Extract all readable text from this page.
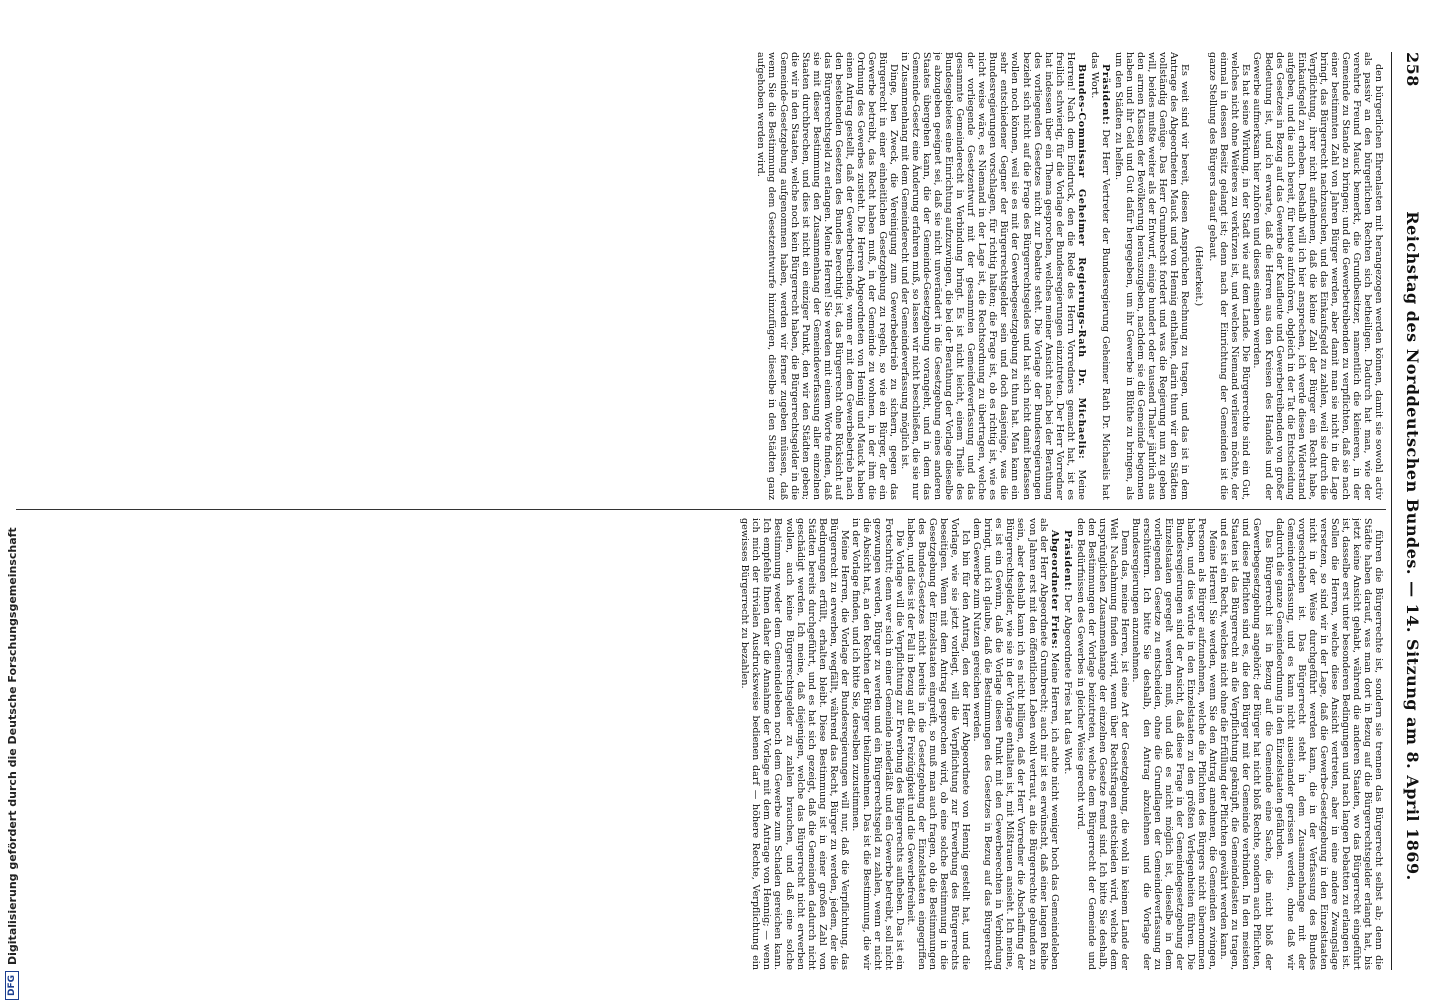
258
Reichstag des Norddeutschen Bundes. — 14. Sitzung am 8. April 1869.

den bürgerlichen Ehrenlasten mit herangezogen werden können, damit sie sowohl activ als passiv an den bürgerlichen Rechten sich betheiligen. Dadurch hat man, wie der verehrte Freund Mauck bemerkt, die Grundbesitzer, namentlich die kleineren, in der Gemeinde zu Stande zu bringen; und die Gewerbetreibenden zu verpflichten, daß sie nach einer bestimmten Zahl von Jahren Bürger werden, aber damit man sie nicht in die Lage bringt, das Bürgerrecht nachzusuchen, und das Einkaufsgeld zu zahlen, weil sie durch die Verpflichtung, ihrer nicht aufnehmen, daß die kleine Zahl der Bürger ein Recht habe, Einkaufsgeld zu erheben. Deshalb will ich hier ansprechen, ich werde diesen Widerstand aufgeben, und die auch bereit, für heute aufzuhören, obgleich in der Tat die Entscheidung des Gesetzes in Bezug auf das Gewerbe der Kaufleute und Gewerbetreibenden von großer Bedeutung ist, und ich erwarte, daß die Herren aus den Kreisen des Handels und der Gewerbe aufmerksam hier zuhören und dieses einsehen werden.

Es hat seine Wirkung, in der Stadt wie auf dem Lande. Die Bürgerrechte sind ein Gut, welches nicht ohne Weiteres zu verkürzen ist, und welches Niemand verlieren möchte, der einmal in dessen Besitz gelangt ist; denn nach der Einrichtung der Gemeinden ist die ganze Stellung des Bürgers darauf gebaut.

(Heiterkeit.)

Es weit sind wir bereit, diesen Ansprüchen Rechnung zu tragen, und das ist in dem Antrage des Abgeordneten Mauck und von Hennig enthalten, darin thun wir den Städten vollständig Genüge. Das Herr Grumbrecht fordert und was die Regierung nun zu geben will, beides mußte weiter als der Entwurf, einige hundert oder tausend Thaler jährlich aus den armen Klassen der Bevölkerung herauszugeben, nachdem sie die Gemeinde begonnen haben und ihr Geld und Gut dafür hergegeben, um ihr Gewerbe in Blüthe zu bringen, als um den Städten zu helfen.

Präsident: Der Herr Vertreter der Bundesregierung Geheimer Rath Dr. Michaelis hat das Wort.

Bundes-Commissar Geheimer Regierungs-Rath Dr. Michaelis: Meine Herren! Nach dem Eindruck, den die Rede des Herrn Vorredners gemacht hat, ist es freilich schwierig, für die Vorlage der Bundesregierungen einzutreten. Der Herr Vorredner hat indessen über ein Thema gesprochen, welches meiner Ansicht nach bei der Berathung des vorliegenden Gesetzes nicht zur Debatte steht. Die Vorlage der Bundesregierungen bezieht sich nicht auf die Frage des Bürgerrechtsgeldes und hat sich nicht damit befassen wollen noch können, weil sie es mit der Gewerbegesetzgebung zu thun hat. Man kann ein sehr entschiedener Gegner der Bürgerrechtsgelder sein und doch dasjenige, was die Bundesregierungen vorschlagen, für richtig halten; die Frage ist, ob es richtig ist, wie es nicht weise wäre, es Niemand in der Lage ist, die Rechtsordnung zu übertragen, welche der vorliegende Gesetzentwurf mit der gesammten Gemeindeverfassung und das gesammte Gemeinderecht in Verbindung bringt. Es ist nicht leicht, einem Theile des Bundesgebietes eine Einrichtung aufzuzwingen, die bei der Berathung der Vorlage dieselbe je abzugeben geeignet sei, daß sie nicht unverändert in die Gesetzgebung eines anderen Staates übergehen kann, die der Gemeinde-Gesetzgebung vorangeht, und in dem das Gemeinde-Gesetz eine Änderung erfahren muß, so lassen wir nicht beschließen, die sie nur in Zusammenhang mit dem Gemeinderecht und der Gemeindeverfassung möglich ist.

Dinge, ben Zweck, die Vereinigung zum Gewerbebetrieb zu sichern, gegen das Bürgerrecht in einer einheitlichen Gesetzgebung zu regeln, so wie ein Bürger, der ein Gewerbe betreibt, das Recht haben muß, in der Gemeinde zu wohnen, in der ihm die Ordnung des Gewerbes zusteht. Die Herren Abgeordneten von Hennig und Mauck haben einen Antrag gestellt, daß der Gewerbetreibende, wenn er mit dem Gewerbebetrieb nach den bestehenden Gesetzen des Bundes berechtigt ist, das Bürgerrecht ohne Rücksicht auf das Bürgerrechtsgeld zu erlangen. Meine Herren! Sie werden mit einem Worte finden, daß sie mit dieser Bestimmung den Zusammenhang der Gemeindeverfassung aller einzelnen Staaten durchbrechen, und dies ist nicht ein einziger Punkt, den wir den Städten geben; die wir in den Staaten, welche noch kein Bürgerrecht haben, die Bürgerrechtsgelder in die Gemeinde-Gesetzgebung aufgenommen haben, werden wir ferner zugeben müssen, daß wenn Sie die Bestimmung dem Gesetzentwurfe hinzufügen, dieselbe in den Städten ganz aufgehoben werden wird.

führen die Bürgerrechte ist, sondern sie trennen das Bürgerrecht selbst ab; denn die Städte haben darauf, was man dort in Bezug auf die Bürgerrechtsgelder erlangt hat, bis jetzt keine Ansicht gehabt, während die anderen Staaten, wo das Bürgerrecht eingeführt ist, dasselbe erst unter besonderen Bedingungen und nach langen Debatten zu erlangen ist. Sollen die Herren, welche diese Ansicht vertreten, aber in eine andere Zwangslage versetzen, so sind wir in der Lage, daß die Gewerbe-Gesetzgebung in den Einzelstaaten nicht in der Weise durchgeführt werden kann, die in der Verfassung des Bundes vorgeschrieben ist. Das Bürgerrecht steht in dem Zusammenhange mit der Gemeindeverfassung, und es kann nicht auseinander gerissen werden, ohne daß wir dadurch die ganze Gemeindeordnung in den Einzelstaaten gefährden.

Das Bürgerrecht ist in Bezug auf die Gemeinde eine Sache, die nicht bloß der Gewerbegesetzgebung angehört; der Bürger hat nicht bloß Rechte, sondern auch Pflichten, und diese Pflichten sind es, die den Bürger mit der Gemeinde verbinden. In den meisten Staaten ist das Bürgerrecht an die Verpflichtung geknüpft, die Gemeindelasten zu tragen, und es ist ein Recht, welches nicht ohne die Erfüllung der Pflichten gewährt werden kann.

Meine Herren! Sie werden, wenn Sie den Antrag annehmen, die Gemeinden zwingen, Personen als Bürger aufzunehmen, welche die Pflichten des Bürgers nicht übernommen haben, und dies würde in den Einzelstaaten zu den größten Verlegenheiten führen. Die Bundesregierungen sind der Ansicht, daß diese Frage in der Gemeindegesetzgebung der Einzelstaaten geregelt werden muß, und daß es nicht möglich ist, dieselbe in dem vorliegenden Gesetze zu entscheiden, ohne die Grundlagen der Gemeindeverfassung zu erschüttern. Ich bitte Sie deshalb, den Antrag abzulehnen und die Vorlage der Bundesregierungen anzunehmen.

Denn das, meine Herren, ist eine Art der Gesetzgebung, die wohl in keinem Lande der Welt Nachahmung finden wird, wenn über Rechtsfragen entschieden wird, welche dem ursprünglichen Zusammenhange der einzelnen Gesetze fremd sind. Ich bitte Sie deshalb, den Bestimmungen der Vorlage beizutreten, welche dem Bürgerrecht der Gemeinde und den Bedürfnissen des Gewerbes in gleicher Weise gerecht wird.

Präsident: Der Abgeordnete Fries hat das Wort.

Abgeordneter Fries: Meine Herren, ich achte nicht weniger hoch das Gemeindeleben als der Herr Abgeordnete Grumbrecht; auch mir ist es erwünscht, daß einer langen Reihe von Jahren erst mit den öffentlichen Leben wohl vertraut, an die Bürgerrechte gebunden zu sein, aber deshalb kann ich es nicht billigen, daß der Herr Vorredner die Abschaffung der Bürgerrechtsgelder, wie sie in der Vorlage enthalten ist, mit Mißtrauen ansieht. Ich meine, es ist ein Gewinn, daß die Vorlage diesen Punkt mit den Gewerberechten in Verbindung bringt, und ich glaube, daß die Bestimmungen des Gesetzes in Bezug auf das Bürgerrecht dem Gewerbe zum Nutzen gereichen werden.

Ich bin für den Antrag, den der Herr Abgeordnete von Hennig gestellt hat, und die Vorlage, wie sie jetzt vorliegt, will die Verpflichtung zur Erwerbung des Bürgerrechts beseitigen. Wenn mit dem Antrag gesprochen wird, ob eine solche Bestimmung in die Gesetzgebung der Einzelstaaten eingreift, so muß man auch fragen, ob die Bestimmungen des Bundes-Gesetzes nicht bereits in die Gesetzgebung der Einzelstaaten eingegriffen haben, und dies ist der Fall in Bezug auf die Freizügigkeit und die Gewerbefreiheit.

Die Vorlage will die Verpflichtung zur Erwerbung des Bürgerrechts aufheben. Das ist ein Fortschritt; denn wer sich in einer Gemeinde niederläßt und ein Gewerbe betreibt, soll nicht gezwungen werden, Bürger zu werden und ein Bürgerrechtsgeld zu zahlen, wenn er nicht die Absicht hat, an den Rechten der Bürger theilzunehmen. Das ist die Bestimmung, die wir in der Vorlage finden, und ich bitte Sie, derselben zuzustimmen.

Meine Herren, die Vorlage der Bundesregierungen will nur, daß die Verpflichtung, das Bürgerrecht zu erwerben, wegfällt, während das Recht, Bürger zu werden, jedem, der die Bedingungen erfüllt, erhalten bleibt. Diese Bestimmung ist in einer großen Zahl von Städten bereits durchgeführt, und es hat sich gezeigt, daß die Gemeinden dadurch nicht geschädigt werden. Ich meine, daß diejenigen, welche das Bürgerrecht nicht erwerben wollen, auch keine Bürgerrechtsgelder zu zahlen brauchen, und daß eine solche Bestimmung weder dem Gemeindeleben noch dem Gewerbe zum Schaden gereichen kann. Ich empfehle Ihnen daher die Annahme der Vorlage mit dem Antrage von Hennig; — wenn ich mich der trivialen Ausdrucksweise bedienen darf — höhere Rechte, Verpflichtung ein gewisses Bürgerrecht zu bezahlen.

DFG
Digitalisierung gefördert durch die Deutsche Forschungsgemeinschaft
